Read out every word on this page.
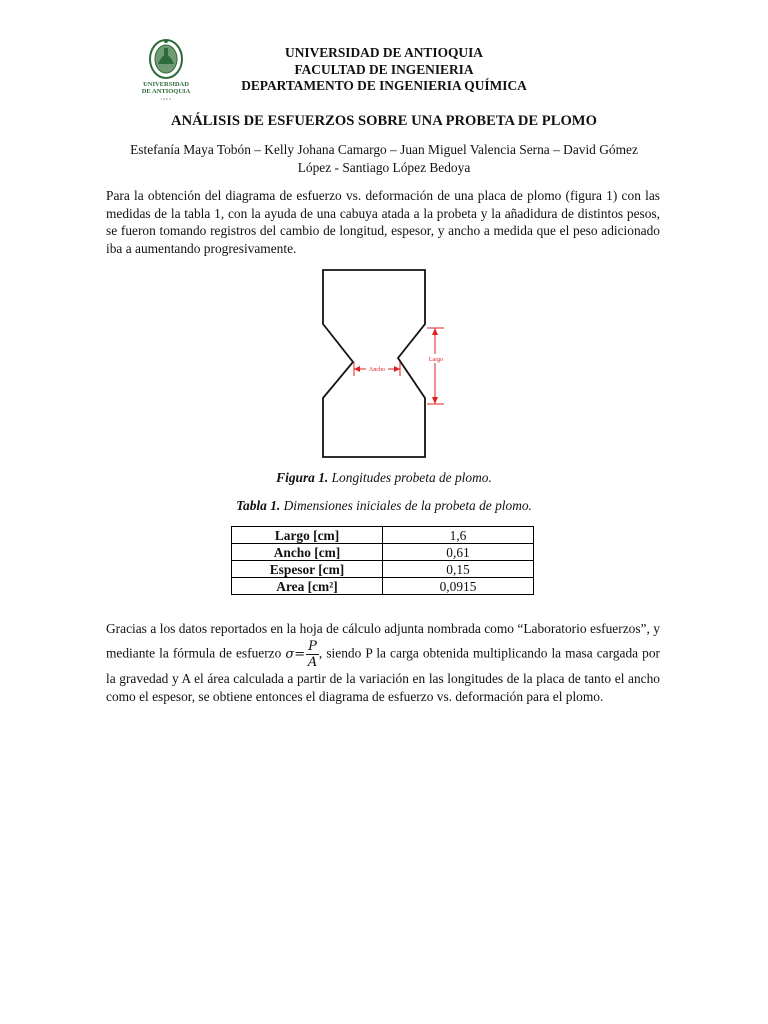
UNIVERSIDAD
DE ANTIOQUIA
1803
UNIVERSIDAD DE ANTIOQUIA
FACULTAD DE INGENIERIA
DEPARTAMENTO DE INGENIERIA QUÍMICA
ANÁLISIS DE ESFUERZOS SOBRE UNA PROBETA DE PLOMO
Estefanía Maya Tobón – Kelly Johana Camargo – Juan Miguel Valencia Serna – David Gómez
López - Santiago López Bedoya

Para la obtención del diagrama de esfuerzo vs. deformación de una placa de plomo (figura 1) con las medidas de la tabla 1, con la ayuda de una cabuya atada a la probeta y la añadidura de distintos pesos, se fueron tomando registros del cambio de longitud, espesor, y ancho a medida que el peso adicionado iba a aumentando progresivamente.

Ancho
Largo
Figura 1. Longitudes probeta de plomo.
Tabla 1. Dimensiones iniciales de la probeta de plomo.
Largo [cm]	1,6
Ancho [cm]	0,61
Espesor [cm]	0,15
Area [cm²]	0,0915

Gracias a los datos reportados en la hoja de cálculo adjunta nombrada como “Laboratorio esfuerzos”, y mediante la fórmula de esfuerzo $\sigma= \frac{P}{A}$ , siendo P la carga obtenida multiplicando la masa cargada por la gravedad y A el área calculada a partir de la variación en las longitudes de la placa de tanto el ancho como el espesor, se obtiene entonces el diagrama de esfuerzo vs. deformación para el plomo.
